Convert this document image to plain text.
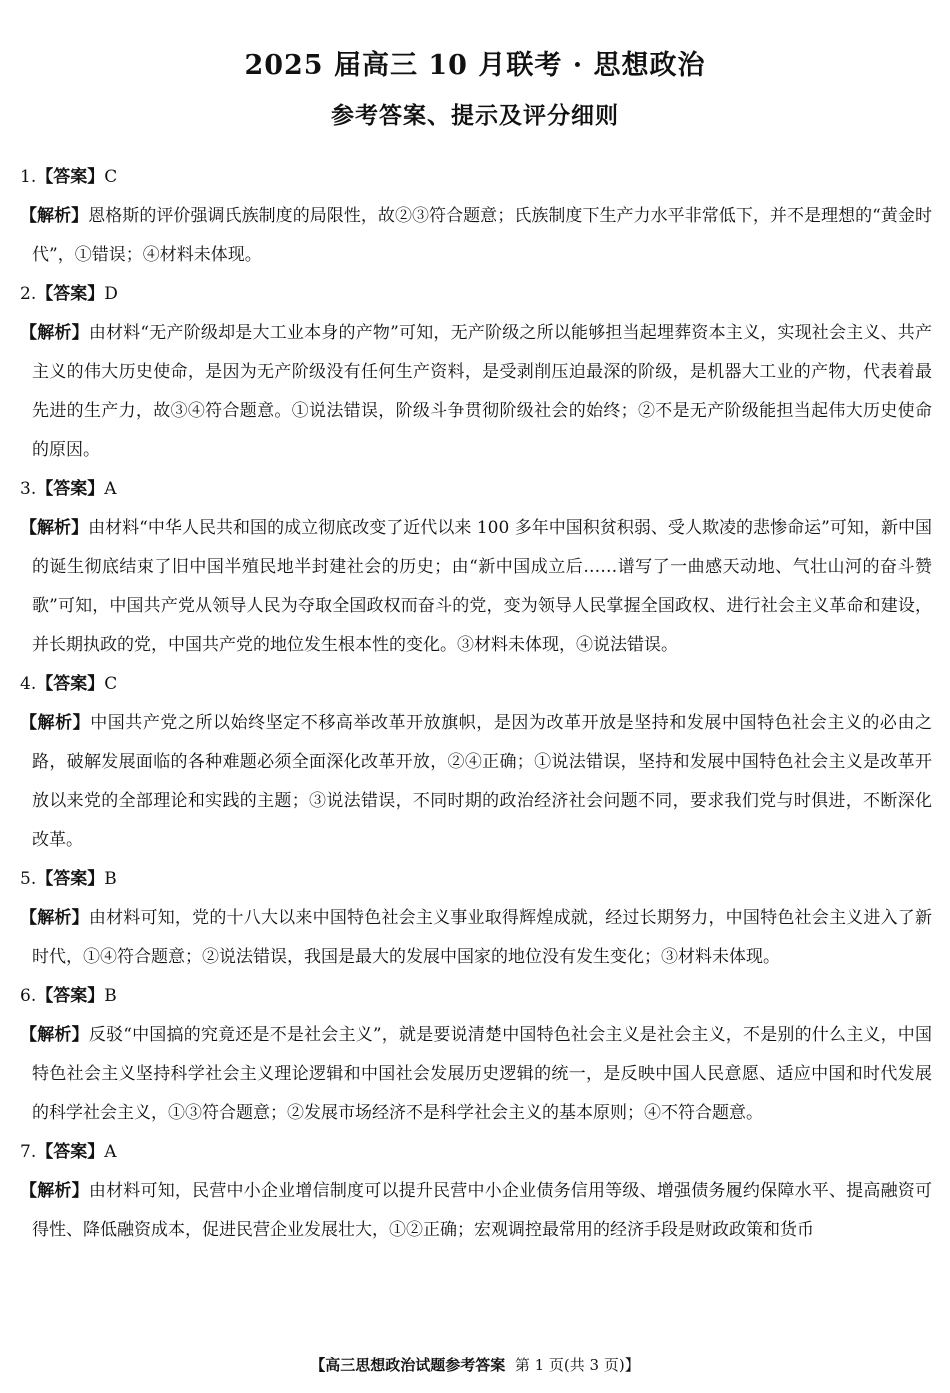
2025 届高三 10 月联考 · 思想政治
参考答案、提示及评分细则
1.【答案】C
【解析】恩格斯的评价强调氏族制度的局限性，故②③符合题意；氏族制度下生产力水平非常低下，并不是理想的“黄金时代”，①错误；④材料未体现。
2.【答案】D
【解析】由材料“无产阶级却是大工业本身的产物”可知，无产阶级之所以能够担当起埋葬资本主义，实现社会主义、共产主义的伟大历史使命，是因为无产阶级没有任何生产资料，是受剥削压迫最深的阶级，是机器大工业的产物，代表着最先进的生产力，故③④符合题意。①说法错误，阶级斗争贯彻阶级社会的始终；②不是无产阶级能担当起伟大历史使命的原因。
3.【答案】A
【解析】由材料“中华人民共和国的成立彻底改变了近代以来 100 多年中国积贫积弱、受人欺凌的悲惨命运”可知，新中国的诞生彻底结束了旧中国半殖民地半封建社会的历史；由“新中国成立后……谱写了一曲感天动地、气壮山河的奋斗赞歌”可知，中国共产党从领导人民为夺取全国政权而奋斗的党，变为领导人民掌握全国政权、进行社会主义革命和建设，并长期执政的党，中国共产党的地位发生根本性的变化。③材料未体现，④说法错误。
4.【答案】C
【解析】中国共产党之所以始终坚定不移高举改革开放旗帜，是因为改革开放是坚持和发展中国特色社会主义的必由之路，破解发展面临的各种难题必须全面深化改革开放，②④正确；①说法错误，坚持和发展中国特色社会主义是改革开放以来党的全部理论和实践的主题；③说法错误，不同时期的政治经济社会问题不同，要求我们党与时俱进，不断深化改革。
5.【答案】B
【解析】由材料可知，党的十八大以来中国特色社会主义事业取得辉煌成就，经过长期努力，中国特色社会主义进入了新时代，①④符合题意；②说法错误，我国是最大的发展中国家的地位没有发生变化；③材料未体现。
6.【答案】B
【解析】反驳“中国搞的究竟还是不是社会主义”，就是要说清楚中国特色社会主义是社会主义，不是别的什么主义，中国特色社会主义坚持科学社会主义理论逻辑和中国社会发展历史逻辑的统一，是反映中国人民意愿、适应中国和时代发展的科学社会主义，①③符合题意；②发展市场经济不是科学社会主义的基本原则；④不符合题意。
7.【答案】A
【解析】由材料可知，民营中小企业增信制度可以提升民营中小企业债务信用等级、增强债务履约保障水平、提高融资可得性、降低融资成本，促进民营企业发展壮大，①②正确；宏观调控最常用的经济手段是财政政策和货币
【高三思想政治试题参考答案 第 1 页(共 3 页)】
